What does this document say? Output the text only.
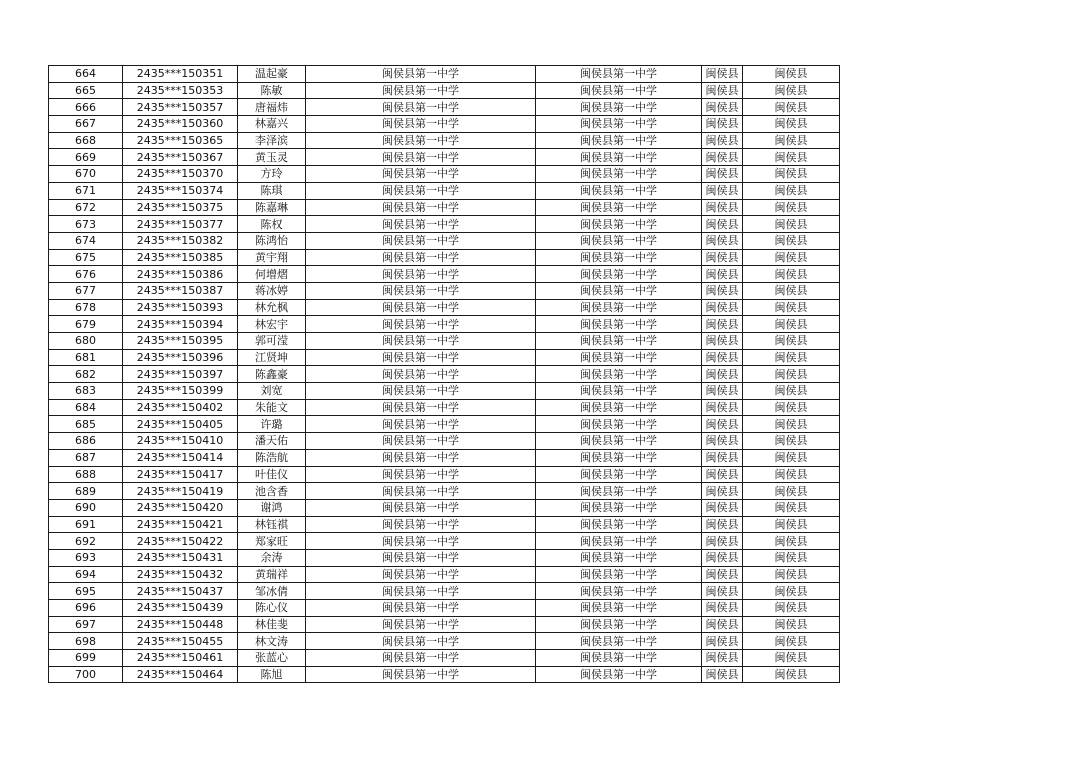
664	2435***150351	温起豪	闽侯县第一中学	闽侯县第一中学	闽侯县	闽侯县
665	2435***150353	陈敏	闽侯县第一中学	闽侯县第一中学	闽侯县	闽侯县
666	2435***150357	唐福炜	闽侯县第一中学	闽侯县第一中学	闽侯县	闽侯县
667	2435***150360	林嘉兴	闽侯县第一中学	闽侯县第一中学	闽侯县	闽侯县
668	2435***150365	李泽滨	闽侯县第一中学	闽侯县第一中学	闽侯县	闽侯县
669	2435***150367	黄玉灵	闽侯县第一中学	闽侯县第一中学	闽侯县	闽侯县
670	2435***150370	方玲	闽侯县第一中学	闽侯县第一中学	闽侯县	闽侯县
671	2435***150374	陈琪	闽侯县第一中学	闽侯县第一中学	闽侯县	闽侯县
672	2435***150375	陈嘉琳	闽侯县第一中学	闽侯县第一中学	闽侯县	闽侯县
673	2435***150377	陈权	闽侯县第一中学	闽侯县第一中学	闽侯县	闽侯县
674	2435***150382	陈鸿怡	闽侯县第一中学	闽侯县第一中学	闽侯县	闽侯县
675	2435***150385	黄宇翔	闽侯县第一中学	闽侯县第一中学	闽侯县	闽侯县
676	2435***150386	何增熠	闽侯县第一中学	闽侯县第一中学	闽侯县	闽侯县
677	2435***150387	蒋冰婷	闽侯县第一中学	闽侯县第一中学	闽侯县	闽侯县
678	2435***150393	林允枫	闽侯县第一中学	闽侯县第一中学	闽侯县	闽侯县
679	2435***150394	林宏宇	闽侯县第一中学	闽侯县第一中学	闽侯县	闽侯县
680	2435***150395	郭可滢	闽侯县第一中学	闽侯县第一中学	闽侯县	闽侯县
681	2435***150396	江贤坤	闽侯县第一中学	闽侯县第一中学	闽侯县	闽侯县
682	2435***150397	陈鑫豪	闽侯县第一中学	闽侯县第一中学	闽侯县	闽侯县
683	2435***150399	刘宽	闽侯县第一中学	闽侯县第一中学	闽侯县	闽侯县
684	2435***150402	朱能文	闽侯县第一中学	闽侯县第一中学	闽侯县	闽侯县
685	2435***150405	许璐	闽侯县第一中学	闽侯县第一中学	闽侯县	闽侯县
686	2435***150410	潘天佑	闽侯县第一中学	闽侯县第一中学	闽侯县	闽侯县
687	2435***150414	陈浩航	闽侯县第一中学	闽侯县第一中学	闽侯县	闽侯县
688	2435***150417	叶佳仪	闽侯县第一中学	闽侯县第一中学	闽侯县	闽侯县
689	2435***150419	池含香	闽侯县第一中学	闽侯县第一中学	闽侯县	闽侯县
690	2435***150420	谢鸿	闽侯县第一中学	闽侯县第一中学	闽侯县	闽侯县
691	2435***150421	林钰祺	闽侯县第一中学	闽侯县第一中学	闽侯县	闽侯县
692	2435***150422	郑家旺	闽侯县第一中学	闽侯县第一中学	闽侯县	闽侯县
693	2435***150431	余涛	闽侯县第一中学	闽侯县第一中学	闽侯县	闽侯县
694	2435***150432	黄瑞祥	闽侯县第一中学	闽侯县第一中学	闽侯县	闽侯县
695	2435***150437	邹冰倩	闽侯县第一中学	闽侯县第一中学	闽侯县	闽侯县
696	2435***150439	陈心仪	闽侯县第一中学	闽侯县第一中学	闽侯县	闽侯县
697	2435***150448	林佳斐	闽侯县第一中学	闽侯县第一中学	闽侯县	闽侯县
698	2435***150455	林文涛	闽侯县第一中学	闽侯县第一中学	闽侯县	闽侯县
699	2435***150461	张蓝心	闽侯县第一中学	闽侯县第一中学	闽侯县	闽侯县
700	2435***150464	陈旭	闽侯县第一中学	闽侯县第一中学	闽侯县	闽侯县
